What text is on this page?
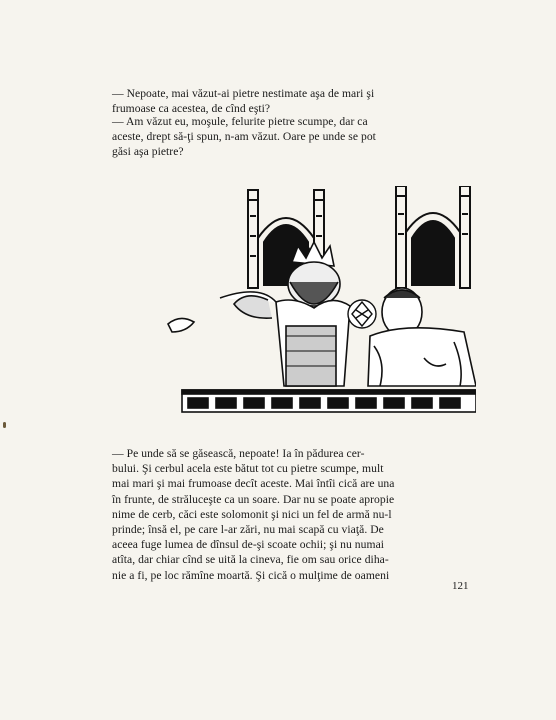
— Nepoate, mai văzut-ai pietre nestimate aşa de mari şi
frumoase ca acestea, de cînd eşti?
— Am văzut eu, moşule, felurite pietre scumpe, dar ca
aceste, drept să-ţi spun, n-am văzut. Oare pe unde se pot
găsi aşa pietre?
— Pe unde să se găsească, nepoate! Ia în pădurea cer-
bului. Şi cerbul acela este bătut tot cu pietre scumpe, mult
mai mari şi mai frumoase decît aceste. Mai întîi cică are una
în frunte, de străluceşte ca un soare. Dar nu se poate apropie
nime de cerb, căci este solomonit şi nici un fel de armă nu-l
prinde; însă el, pe care l-ar zări, nu mai scapă cu viaţă. De
aceea fuge lumea de dînsul de-şi scoate ochii; şi nu numai
atîta, dar chiar cînd se uită la cineva, fie om sau orice diha-
nie a fi, pe loc rămîne moartă. Şi cică o mulţime de oameni
121
